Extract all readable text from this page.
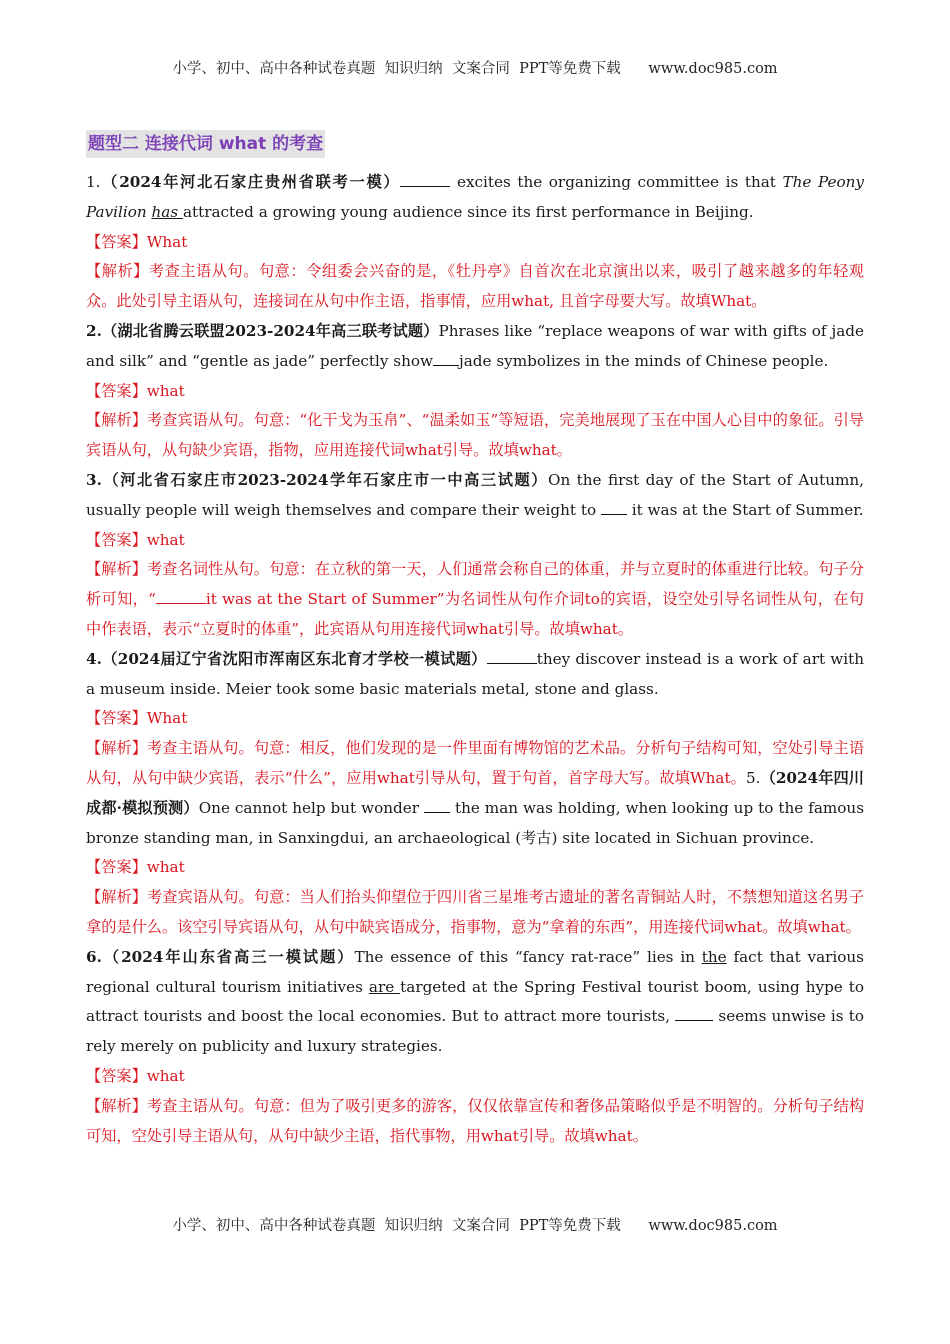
小学、初中、高中各种试卷真题  知识归纳  文案合同  PPT等免费下载      www.doc985.com
题型二 连接代词 what 的考查

1.（2024年河北石家庄贵州省联考一模）	excites the organizing committee is that The Peony Pavilion has attracted a growing young audience since its first performance in Beijing.

【答案】What

【解析】考查主语从句。句意：令组委会兴奋的是，《牡丹亭》自首次在北京演出以来，吸引了越来越多的年轻观众。此处引导主语从句，连接词在从句中作主语，指事情，应用what, 且首字母要大写。故填What。

2.（湖北省腾云联盟2023-2024年高三联考试题）Phrases like “replace weapons of war with gifts of jade and silk” and “gentle as jade” perfectly show jade symbolizes in the minds of Chinese people.

【答案】what

【解析】考查宾语从句。句意：“化干戈为玉帛”、“温柔如玉”等短语，完美地展现了玉在中国人心目中的象征。引导宾语从句，从句缺少宾语，指物，应用连接代词what引导。故填what。

3.（河北省石家庄市2023-2024学年石家庄市一中高三试题）On the first day of the Start of Autumn, usually people will weigh themselves and compare their weight to  it was at the Start of Summer.

【答案】what

【解析】考查名词性从句。句意：在立秋的第一天，人们通常会称自己的体重，并与立夏时的体重进行比较。句子分析可知，“	it was at the Start of Summer”为名词性从句作介词to的宾语，设空处引导名词性从句，在句中作表语，表示“立夏时的体重”，此宾语从句用连接代词what引导。故填what。

4.（2024届辽宁省沈阳市浑南区东北育才学校一模试题）	they discover instead is a work of art with a museum inside. Meier took some basic materials metal, stone and glass.

【答案】What

【解析】考查主语从句。句意：相反，他们发现的是一件里面有博物馆的艺术品。分析句子结构可知，空处引导主语从句，从句中缺少宾语，表示“什么”，应用what引导从句，置于句首，首字母大写。故填What。5.（2024年四川成都·模拟预测）One cannot help but wonder  the man was holding, when looking up to the famous bronze standing man, in Sanxingdui, an archaeological (考古) site located in Sichuan province.

【答案】what

【解析】考查宾语从句。句意：当人们抬头仰望位于四川省三星堆考古遗址的著名青铜站人时，不禁想知道这名男子拿的是什么。该空引导宾语从句，从句中缺宾语成分，指事物，意为“拿着的东西”，用连接代词what。故填what。

6.（2024年山东省高三一模试题）The essence of this “fancy rat-race” lies in the fact that various regional cultural tourism initiatives are targeted at the Spring Festival tourist boom, using hype to attract tourists and boost the local economies. But to attract more tourists,	seems unwise is to rely merely on publicity and luxury strategies.

【答案】what

【解析】考查主语从句。句意：但为了吸引更多的游客，仅仅依靠宣传和奢侈品策略似乎是不明智的。分析句子结构可知，空处引导主语从句，从句中缺少主语，指代事物，用what引导。故填what。

小学、初中、高中各种试卷真题  知识归纳  文案合同  PPT等免费下载      www.doc985.com
